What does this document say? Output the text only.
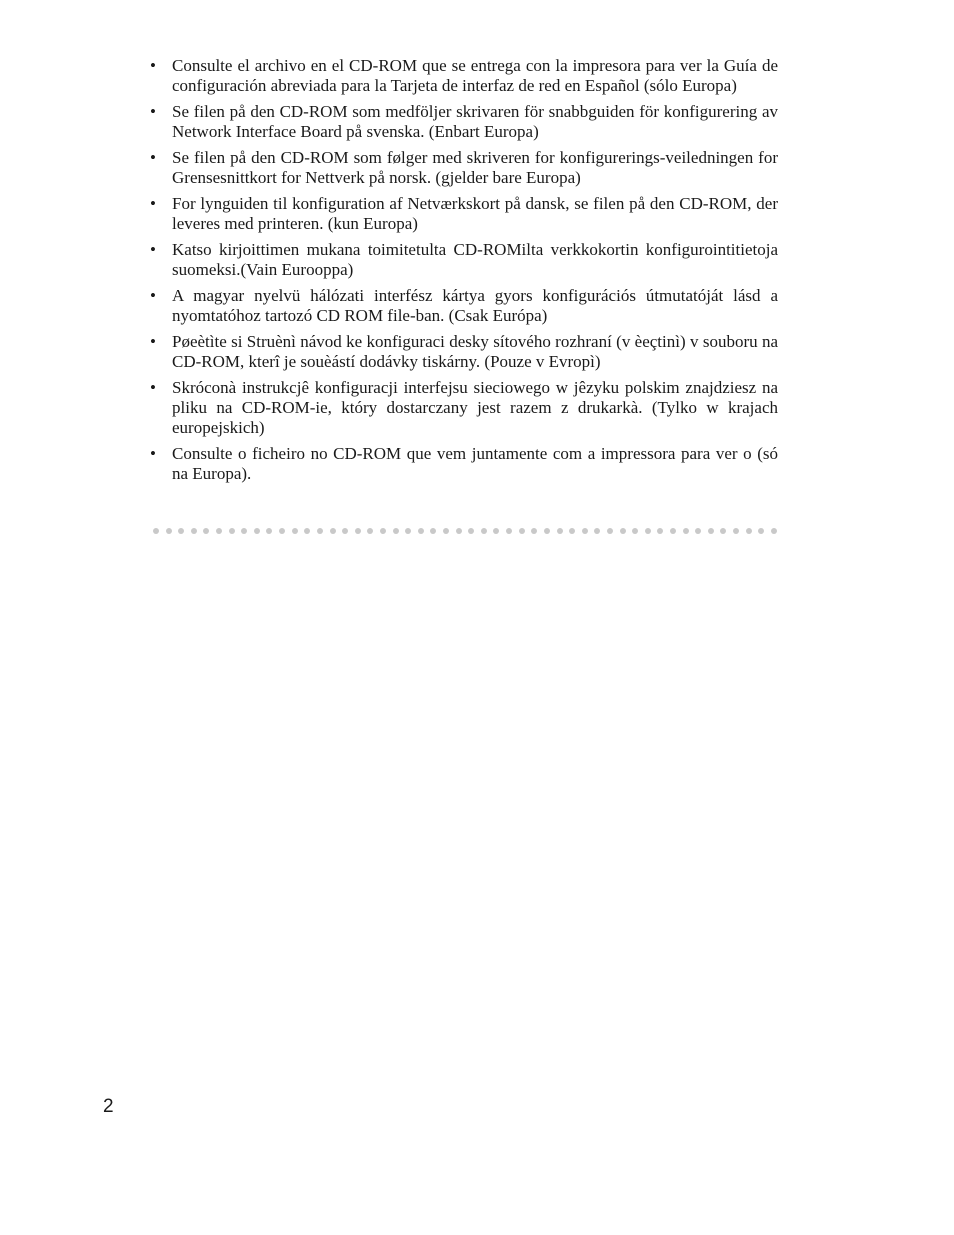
• Consulte el archivo en el CD-ROM que se entrega con la impresora para ver la Guía de configuración abreviada para la Tarjeta de interfaz de red en Español (sólo Europa)
• Se filen på den CD-ROM som medföljer skrivaren för snabbguiden för konfigurering av Network Interface Board på svenska. (Enbart Europa)
• Se filen på den CD-ROM som følger med skriveren for konfigurerings-veiledningen for Grensesnittkort for Nettverk på norsk. (gjelder bare Europa)
• For lynguiden til konfiguration af Netværkskort på dansk, se filen på den CD-ROM, der leveres med printeren. (kun Europa)
• Katso kirjoittimen mukana toimitetulta CD-ROMilta verkkokortin konfigurointitietoja suomeksi.(Vain Eurooppa)
• A magyar nyelvü hálózati interfész kártya gyors konfigurációs útmutatóját lásd a nyomtatóhoz tartozó CD ROM file-ban. (Csak Európa)
• Pøeètìte si Struènì návod ke konfiguraci desky sítového rozhraní (v èeçtinì) v souboru na CD-ROM, kterî je souèástí dodávky tiskárny. (Pouze v Evropì)
• Skróconà instrukcjê konfiguracji interfejsu sieciowego w jêzyku polskim znajdziesz na pliku na CD-ROM-ie, który dostarczany jest razem z drukarkà. (Tylko w krajach europejskich)
• Consulte o ficheiro no CD-ROM que vem juntamente com a impressora para ver o (só na Europa).
2
